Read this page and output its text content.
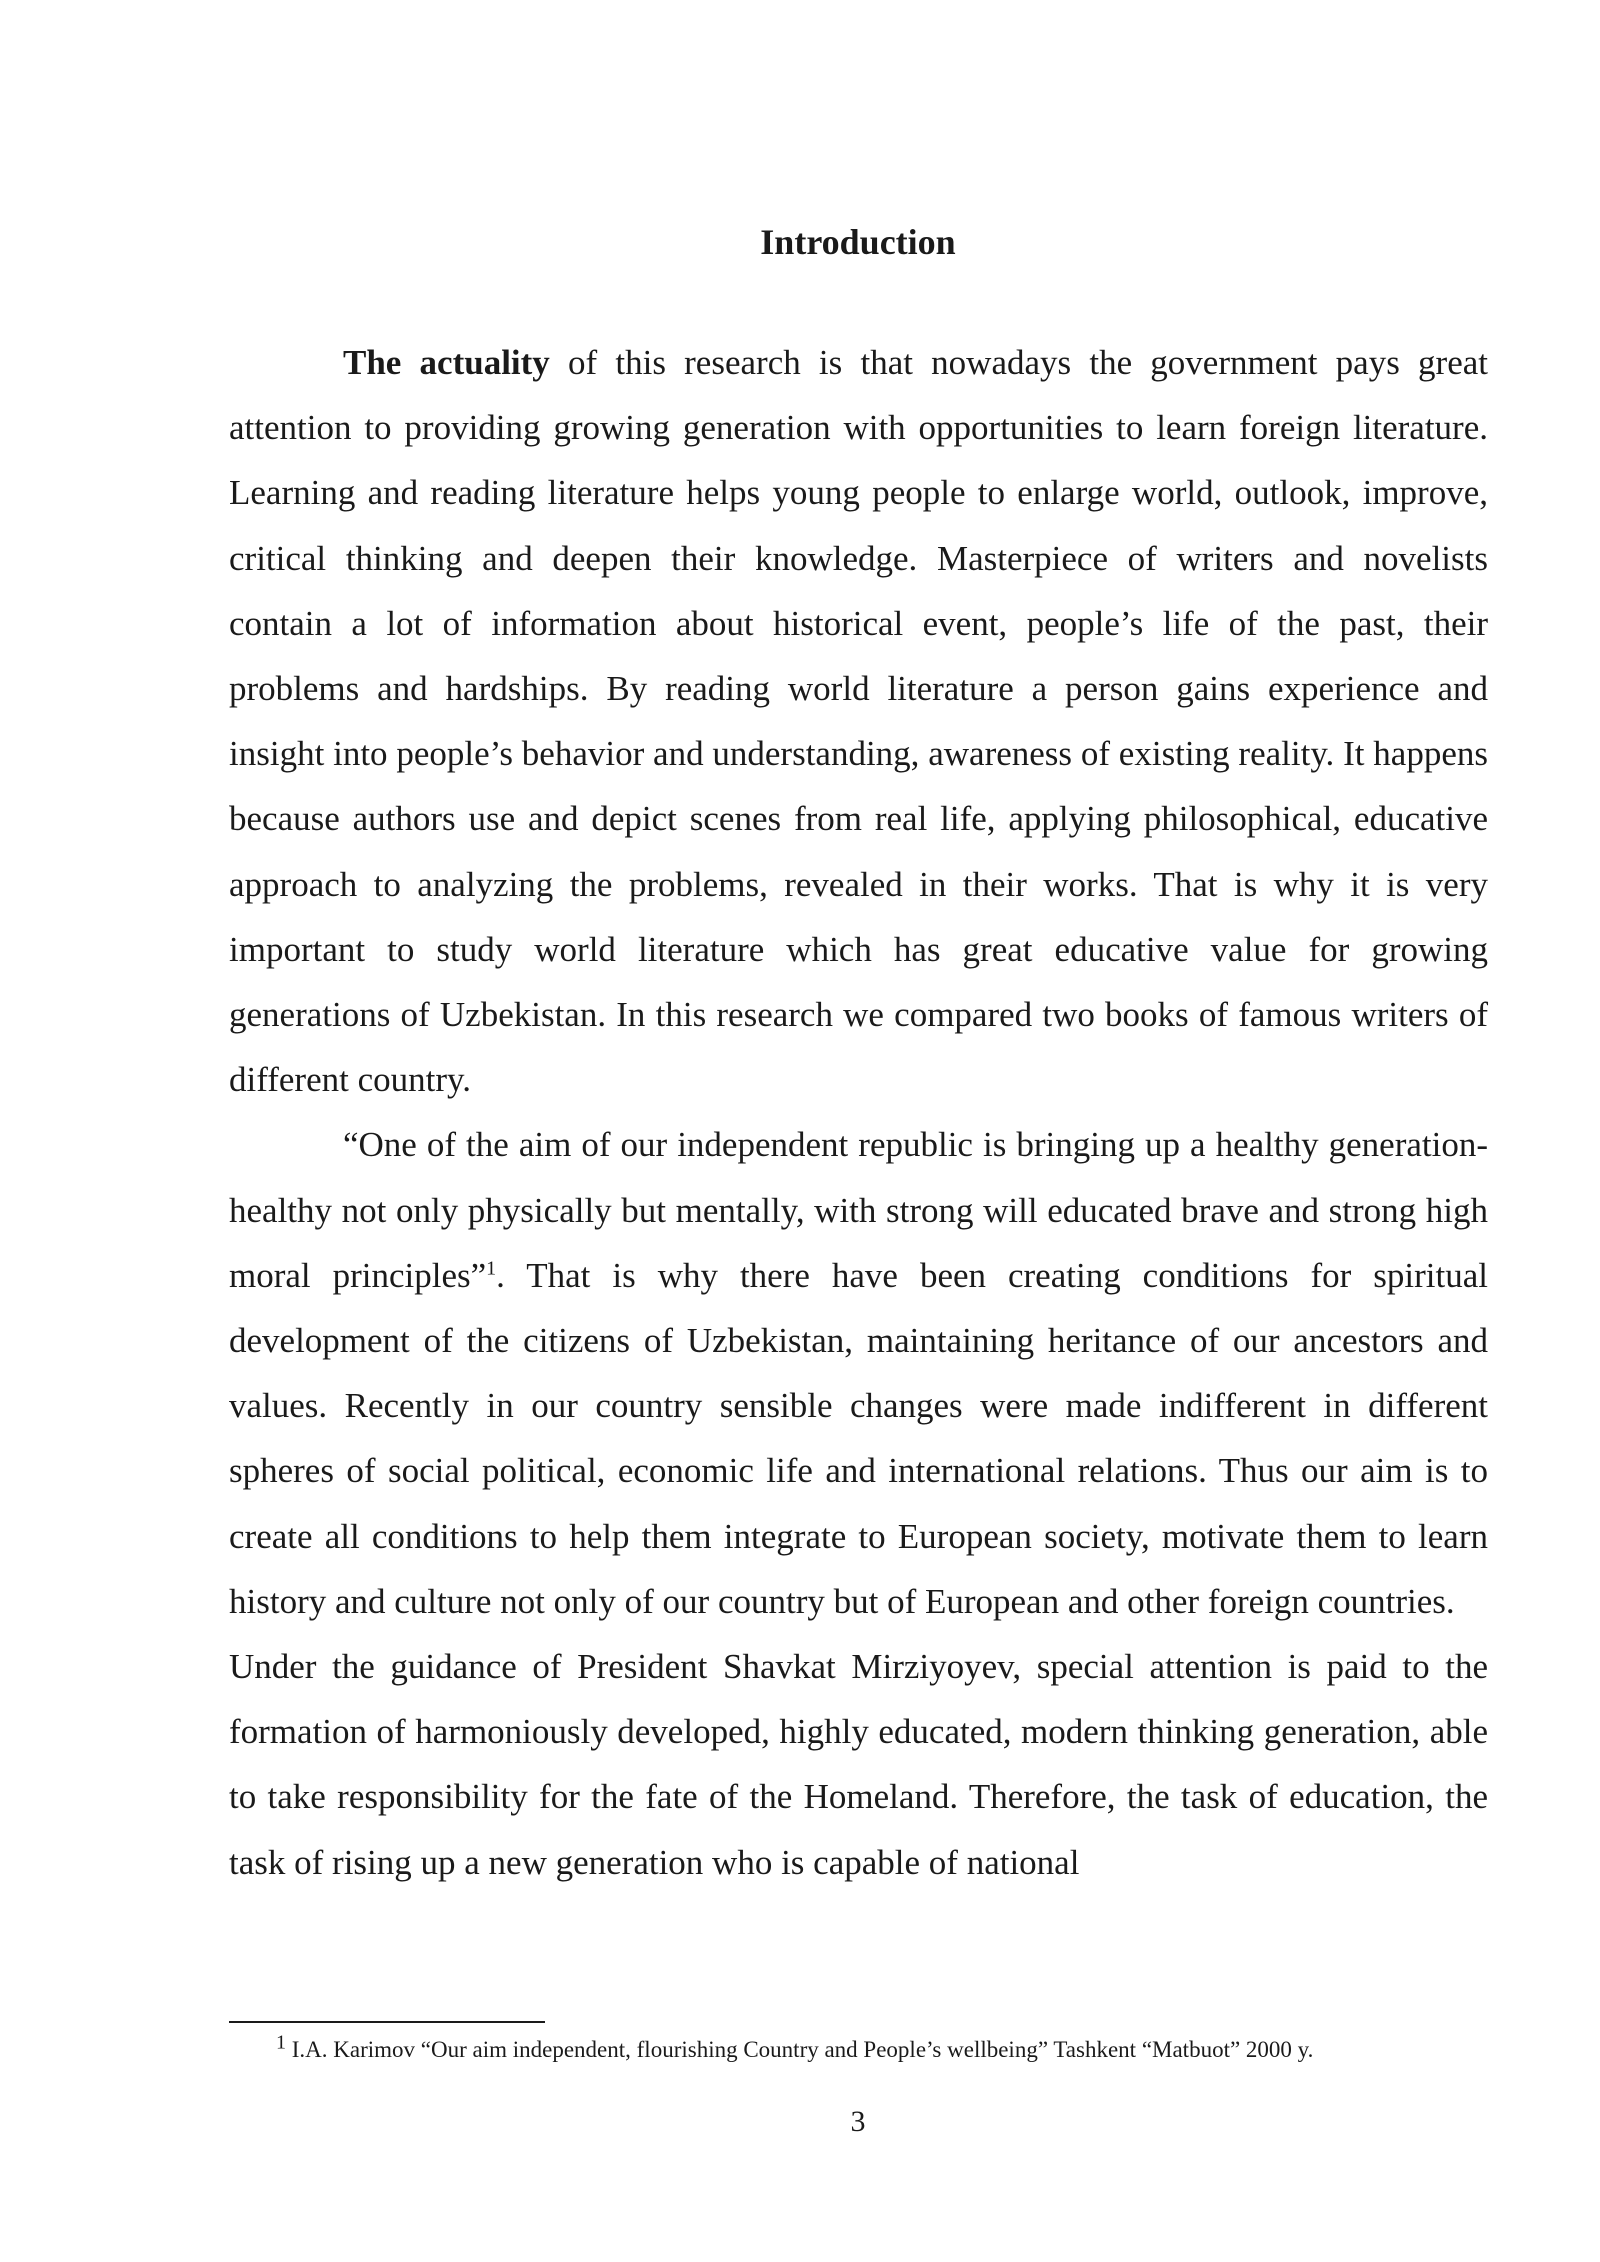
Introduction

The actuality of this research is that nowadays the government pays great attention to providing growing generation with opportunities to learn foreign literature. Learning and reading literature helps young people to enlarge world, outlook, improve, critical thinking and deepen their knowledge. Masterpiece of writers and novelists contain a lot of information about historical event, people’s life of the past, their problems and hardships. By reading world literature a person gains experience and insight into people’s behavior and understanding, awareness of existing reality. It happens because authors use and depict scenes from real life, applying philosophical, educative approach to analyzing the problems, revealed in their works. That is why it is very important to study world literature which has great educative value for growing generations of Uzbekistan. In this research we compared two books of famous writers of different country.

“One of the aim of our independent republic is bringing up a healthy generation- healthy not only physically but mentally, with strong will educated brave and strong high moral principles”$^1$. That is why there have been creating conditions for spiritual development of the citizens of Uzbekistan, maintaining heritance of our ancestors and values. Recently in our country sensible changes were made indifferent in different spheres of social political, economic life and international relations. Thus our aim is to create all conditions to help them integrate to European society, motivate them to learn history and culture not only of our country but of European and other foreign countries.

Under the guidance of President Shavkat Mirziyoyev, special attention is paid to the formation of harmoniously developed, highly educated, modern thinking generation, able to take responsibility for the fate of the Homeland. Therefore, the task of education, the task of rising up a new generation who is capable of national

$^1$ I.A. Karimov “Our aim independent, flourishing Country and People’s wellbeing” Tashkent “Matbuot” 2000 y.
3
